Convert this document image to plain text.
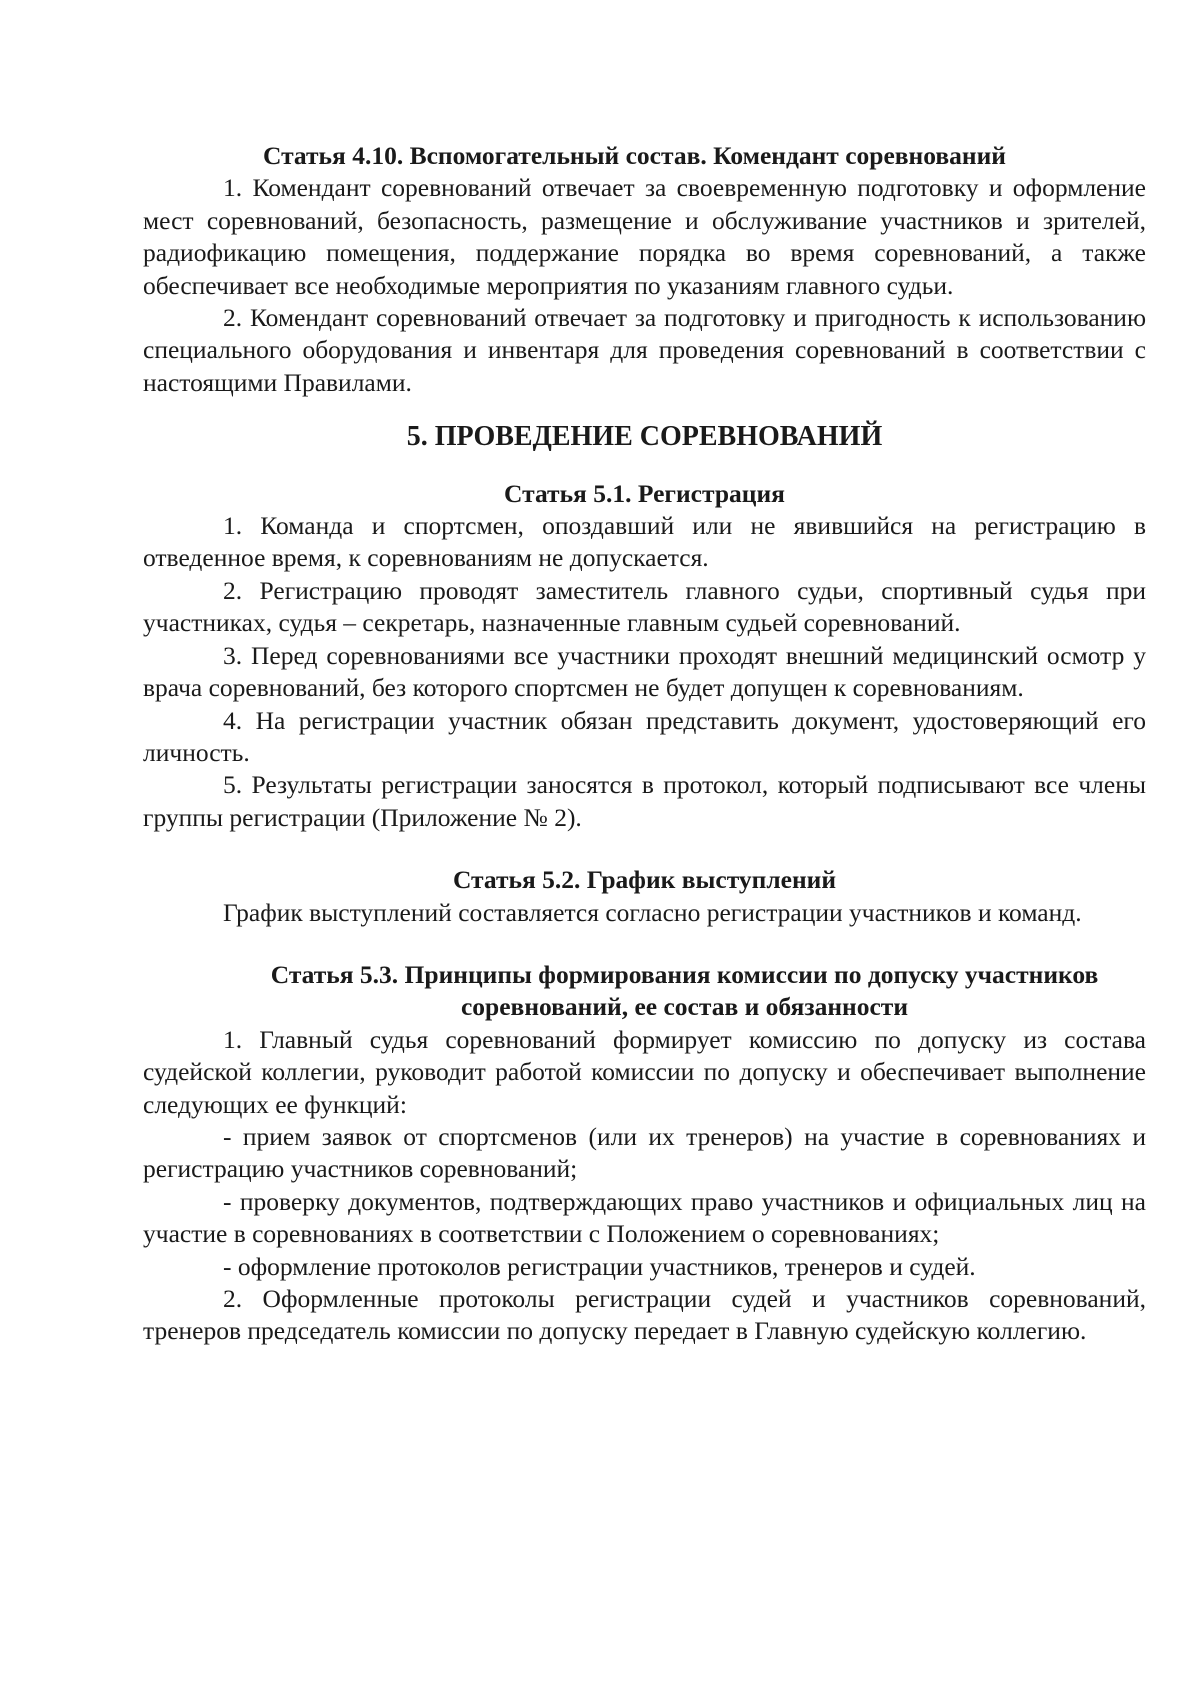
Статья 4.10. Вспомогательный состав. Комендант соревнований

1. Комендант соревнований отвечает за своевременную подготовку и оформление мест соревнований, безопасность, размещение и обслуживание участников и зрителей, радиофикацию помещения, поддержание порядка во время соревнований, а также обеспечивает все необходимые мероприятия по указаниям главного судьи.

2. Комендант соревнований отвечает за подготовку и пригодность к использованию специального оборудования и инвентаря для проведения соревнований в соответствии с настоящими Правилами.

5. ПРОВЕДЕНИЕ СОРЕВНОВАНИЙ

Статья 5.1. Регистрация

1. Команда и спортсмен, опоздавший или не явившийся на регистрацию в отведенное время, к соревнованиям не допускается.

2. Регистрацию проводят заместитель главного судьи, спортивный судья при участниках, судья – секретарь, назначенные главным судьей соревнований.

3. Перед соревнованиями все участники проходят внешний медицинский осмотр у врача соревнований, без которого спортсмен не будет допущен к соревнованиям.

4. На регистрации участник обязан представить документ, удостоверяющий его личность.

5. Результаты регистрации заносятся в протокол, который подписывают все члены группы регистрации (Приложение № 2).

Статья 5.2. График выступлений

График выступлений составляется согласно регистрации участников и команд.

Статья 5.3. Принципы формирования комиссии по допуску участников

соревнований, ее состав и обязанности

1. Главный судья соревнований формирует комиссию по допуску из состава судейской коллегии, руководит работой комиссии по допуску и обеспечивает выполнение следующих ее функций:

- прием заявок от спортсменов (или их тренеров) на участие в соревнованиях и регистрацию участников соревнований;

- проверку документов, подтверждающих право участников и официальных лиц на участие в соревнованиях в соответствии с Положением о соревнованиях;

- оформление протоколов регистрации участников, тренеров и судей.

2. Оформленные протоколы регистрации судей и участников соревнований, тренеров председатель комиссии по допуску передает в Главную судейскую коллегию.
